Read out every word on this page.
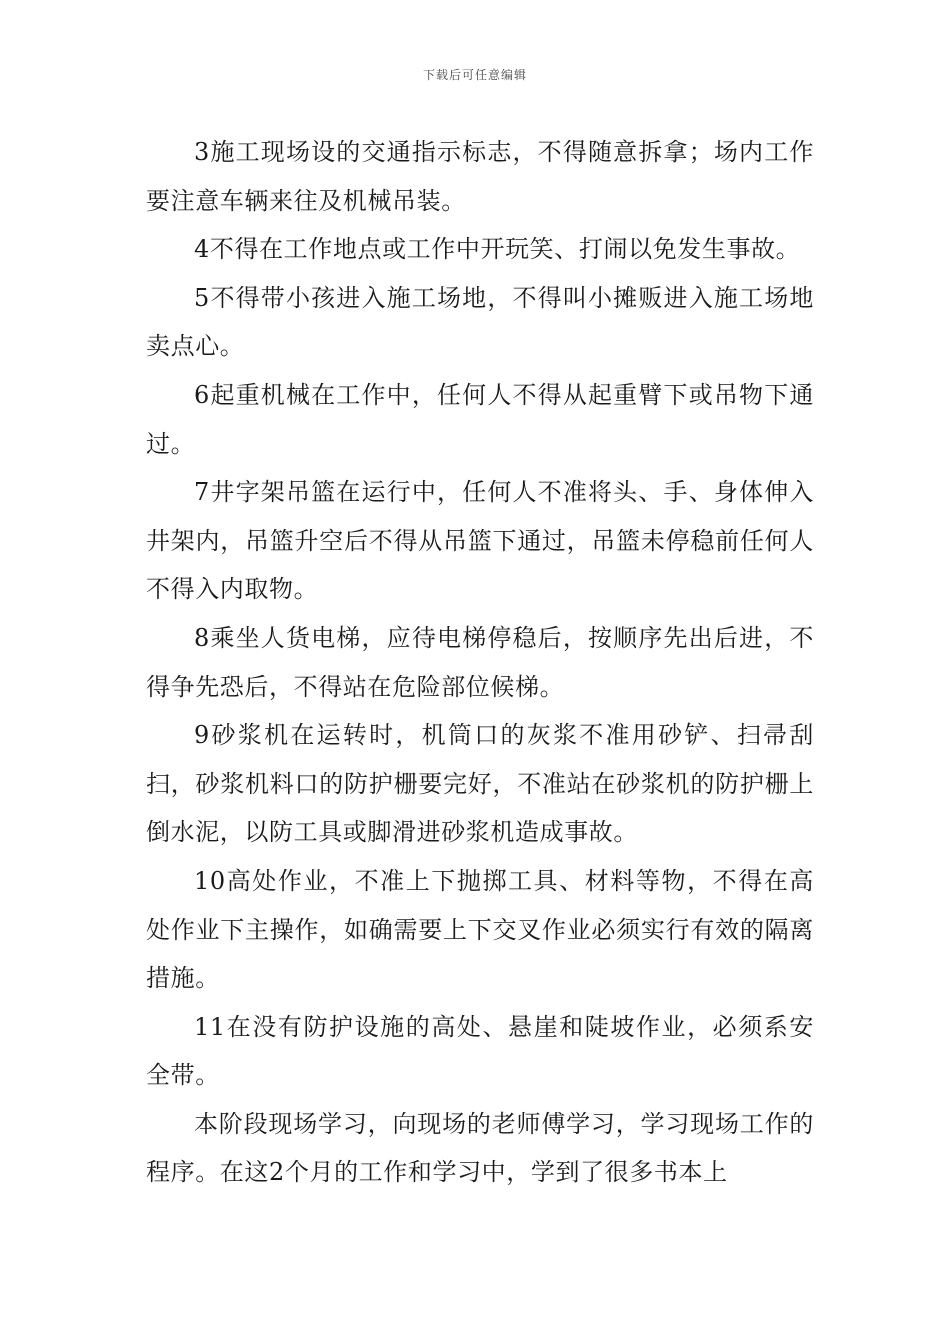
下载后可任意编辑

3施工现场设的交通指示标志，不得随意拆拿；场内工作要注意车辆来往及机械吊装。

4不得在工作地点或工作中开玩笑、打闹以免发生事故。

5不得带小孩进入施工场地，不得叫小摊贩进入施工场地卖点心。

6起重机械在工作中，任何人不得从起重臂下或吊物下通过。

7井字架吊篮在运行中，任何人不准将头、手、身体伸入井架内，吊篮升空后不得从吊篮下通过，吊篮未停稳前任何人不得入内取物。

8乘坐人货电梯，应待电梯停稳后，按顺序先出后进，不得争先恐后，不得站在危险部位候梯。

9砂浆机在运转时，机筒口的灰浆不准用砂铲、扫帚刮扫，砂浆机料口的防护栅要完好，不准站在砂浆机的防护栅上倒水泥，以防工具或脚滑进砂浆机造成事故。

10高处作业，不准上下抛掷工具、材料等物，不得在高处作业下主操作，如确需要上下交叉作业必须实行有效的隔离措施。

11在没有防护设施的高处、悬崖和陡坡作业，必须系安全带。

本阶段现场学习，向现场的老师傅学习，学习现场工作的程序。在这2个月的工作和学习中，学到了很多书本上
